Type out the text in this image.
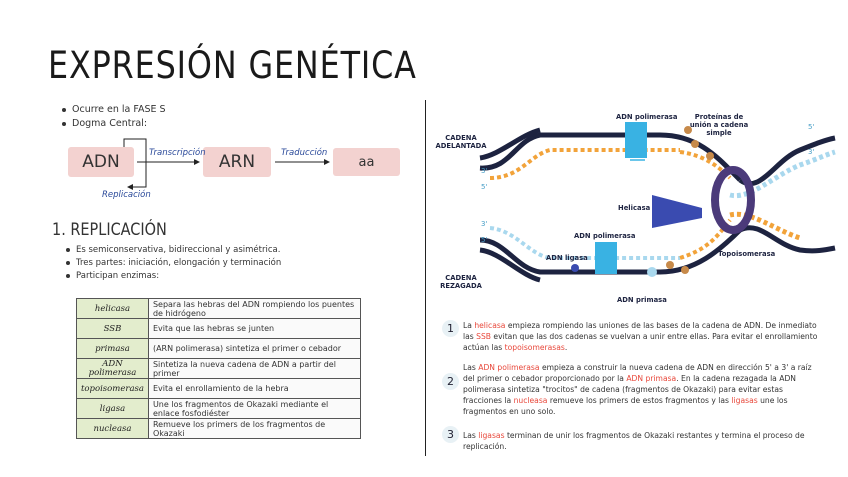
EXPRESIÓN GENÉTICA
Ocurre en la FASE S
Dogma Central:
ADN	ARN	aa
Transcripción	Traducción
Replicación
1. REPLICACIÓN
Es semiconservativa, bidireccional y asimétrica.
Tres partes: iniciación, elongación y terminación
Participan enzimas:
helicasa	Separa las hebras del ADN rompiendo los puentes de hidrógeno
SSB	Evita que las hebras se junten
primasa	(ARN polimerasa) sintetiza el primer o cebador
ADN polimerasa	Sintetiza la nueva cadena de ADN a partir del primer
topoisomerasa	Evita el enrollamiento de la hebra
ligasa	Une los fragmentos de Okazaki mediante el enlace fosfodiéster
nucleasa	Remueve los primers de los fragmentos de Okazaki
ADN polimerasa	Proteínas de unión a cadena simple
CADENA ADELANTADA
Helicasa
ADN polimerasa
ADN ligasa	Topoisomerasa
CADENA REZAGADA
ADN primasa
5'
3'
3'
5'
3'
5'
1	La helicasa empieza rompiendo las uniones de las bases de la cadena de ADN. De inmediato las SSB evitan que las dos cadenas se vuelvan a unir entre ellas. Para evitar el enrollamiento actúan las topoisomerasas.
2
Las ADN polimerasa empieza a construir la nueva cadena de ADN en dirección 5' a 3' a raíz del primer o cebador proporcionado por la ADN primasa. En la cadena rezagada la ADN polimerasa sintetiza "trocitos" de cadena (fragmentos de Okazaki) para evitar estas fracciones la nucleasa remueve los primers de estos fragmentos y las ligasas une los fragmentos en uno solo.
3	Las ligasas terminan de unir los fragmentos de Okazaki restantes y termina el proceso de replicación.
